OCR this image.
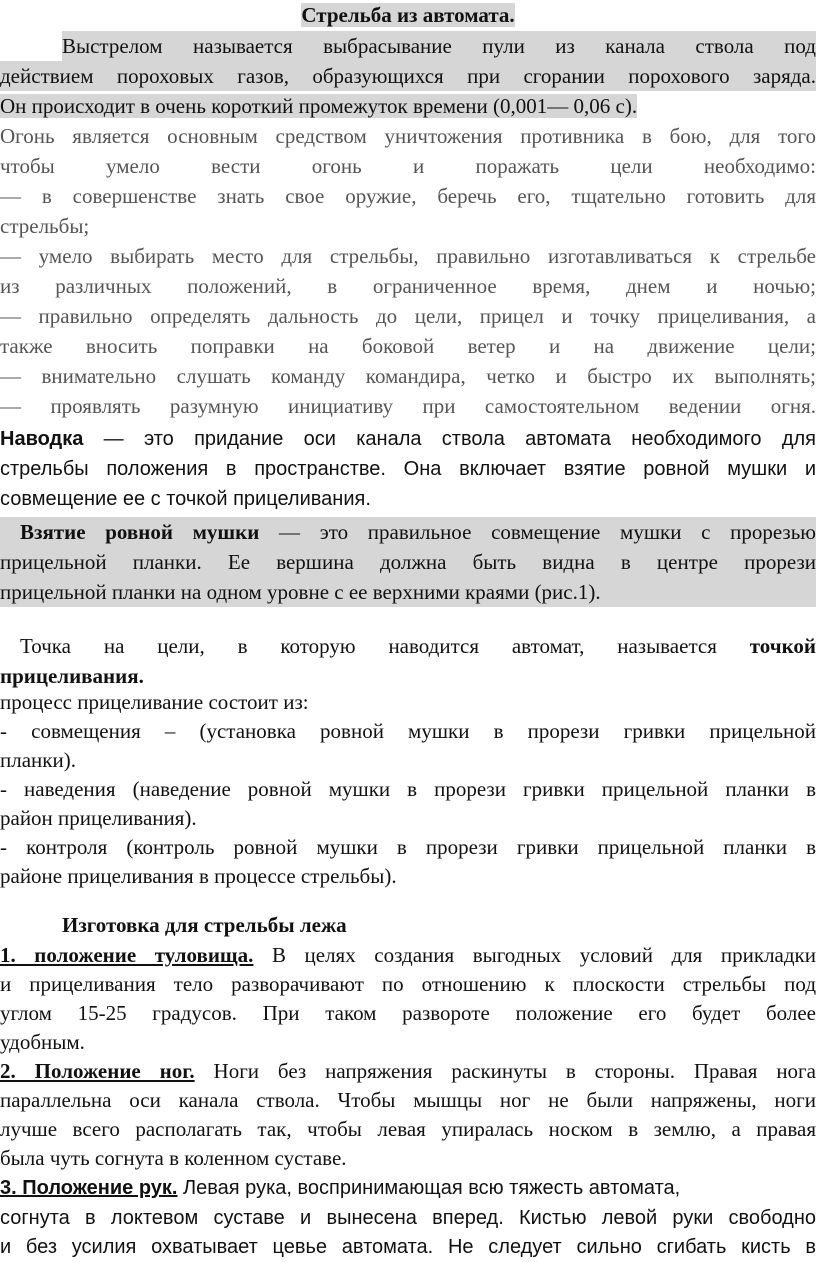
Стрельба из автомата.
Выстрелом называется выбрасывание пули из канала ствола под
действием пороховых газов, образующихся при сгорании порохового заряда.
Он происходит в очень короткий промежуток времени (0,001— 0,06 с).
Огонь является основным средством уничтожения противника в бою, для того
чтобы умело вести огонь и поражать цели необходимо:
— в совершенстве знать свое оружие, беречь его, тщательно готовить для
стрельбы;
— умело выбирать место для стрельбы, правильно изготавливаться к стрельбе
из различных положений, в ограниченное время, днем и ночью;
— правильно определять дальность до цели, прицел и точку прицеливания, а
также вносить поправки на боковой ветер и на движение цели;
— внимательно слушать команду командира, четко и быстро их выполнять;
— проявлять разумную инициативу при самостоятельном ведении огня.
Наводка — это придание оси канала ствола автомата необходимого для
стрельбы положения в пространстве. Она включает взятие ровной мушки и
совмещение ее с точкой прицеливания.
Взятие ровной мушки — это правильное совмещение мушки с прорезью
прицельной планки. Ее вершина должна быть видна в центре прорези
прицельной планки на одном уровне с ее верхними краями (рис.1).
Точка на цели, в которую наводится автомат, называется точкой
прицеливания.
процесс прицеливание состоит из:
- совмещения – (установка ровной мушки в прорези гривки прицельной
планки).
- наведения (наведение ровной мушки в прорези гривки прицельной планки в
район прицеливания).
- контроля (контроль ровной мушки в прорези гривки прицельной планки в
районе прицеливания в процессе стрельбы).
Изготовка для стрельбы лежа
1. положение туловища. В целях создания выгодных условий для прикладки
и прицеливания тело разворачивают по отношению к плоскости стрельбы под
углом 15-25 градусов. При таком развороте положение его будет более
удобным.
2. Положение ног. Ноги без напряжения раскинуты в стороны. Правая нога
параллельна оси канала ствола. Чтобы мышцы ног не были напряжены, ноги
лучше всего располагать так, чтобы левая упиралась носком в землю, а правая
была чуть согнута в коленном суставе.
3. Положение рук. Левая рука, воспринимающая всю тяжесть автомата,
согнута в локтевом суставе и вынесена вперед. Кистью левой руки свободно
и без усилия охватывает цевье автомата. Не следует сильно сгибать кисть в
